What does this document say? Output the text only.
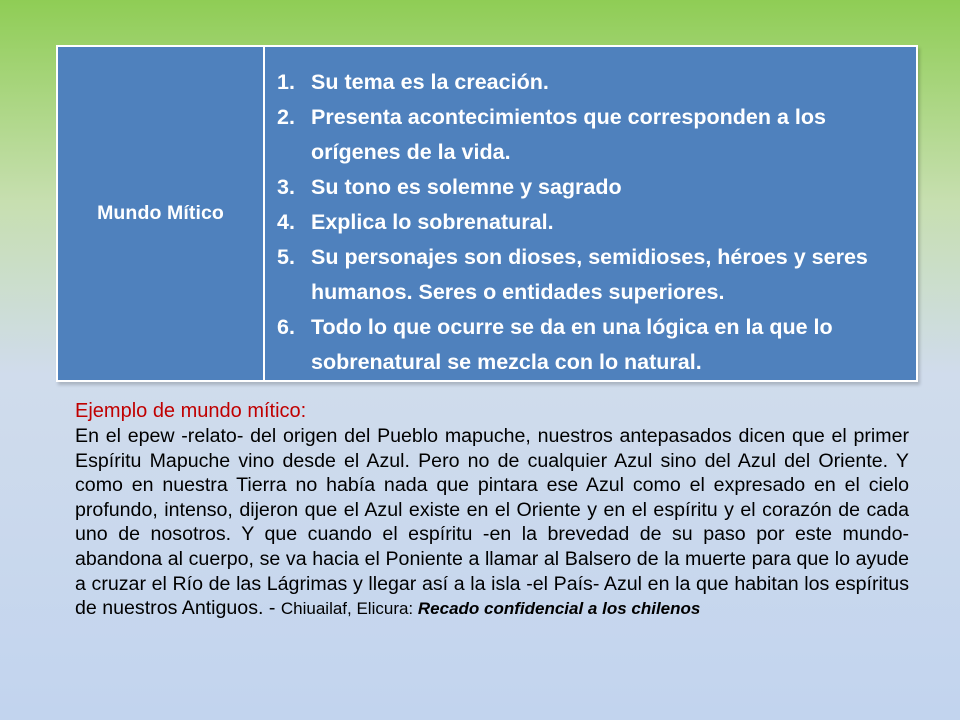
Mundo Mítico	
1. Su tema es la creación.
2. Presenta acontecimientos que corresponden a los orígenes de la vida.
3. Su tono es solemne y sagrado
4. Explica lo sobrenatural.
5. Su personajes son dioses, semidioses, héroes y seres humanos. Seres o entidades superiores.
6. Todo lo que ocurre se da en una lógica en la que lo sobrenatural se mezcla con lo natural.
Ejemplo de mundo mítico:

En el epew -relato- del origen del Pueblo mapuche, nuestros antepasados dicen que el primer Espíritu Mapuche vino desde el Azul. Pero no de cualquier Azul sino del Azul del Oriente. Y como en nuestra Tierra no había nada que pintara ese Azul como el expresado en el cielo profundo, intenso, dijeron que el Azul existe en el Oriente y en el espíritu y el corazón de cada uno de nosotros. Y que cuando el espíritu -en la brevedad de su paso por este mundo- abandona al cuerpo, se va hacia el Poniente a llamar al Balsero de la muerte para que lo ayude a cruzar el Río de las Lágrimas y llegar así a la isla -el País- Azul en la que habitan los espíritus de nuestros Antiguos. - Chiuailaf, Elicura: Recado confidencial a los chilenos
